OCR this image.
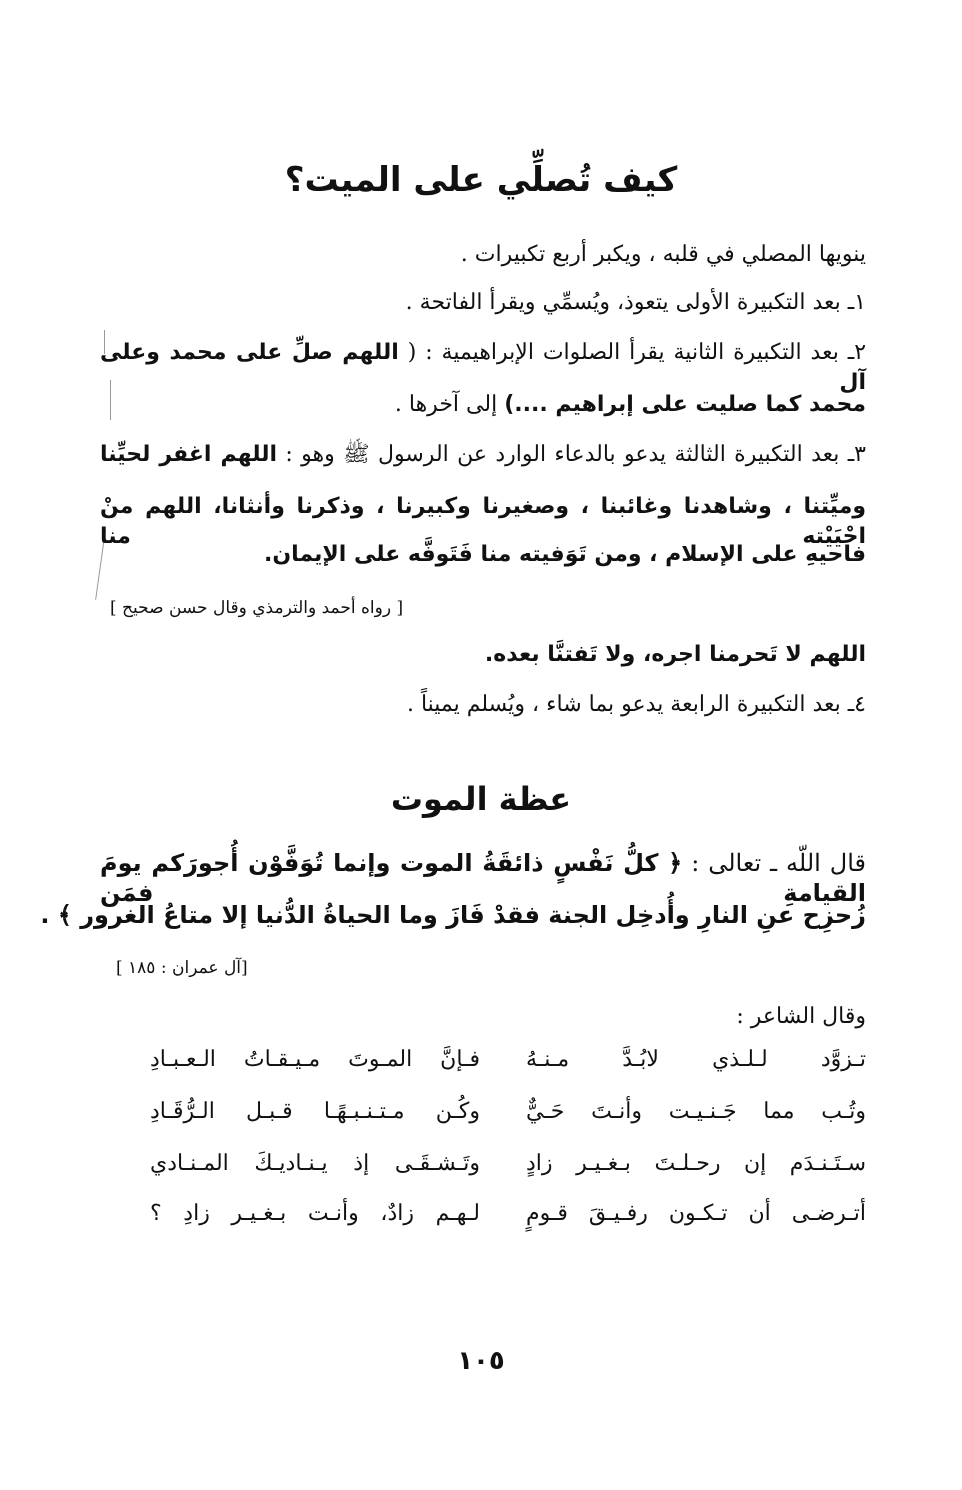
كيف تُصلِّي على الميت؟
ينويها المصلي في قلبه ، ويكبر أربع تكبيرات .
١ـ بعد التكبيرة الأولى يتعوذ، ويُسمِّي ويقرأ الفاتحة .
٢ـ بعد التكبيرة الثانية يقرأ الصلوات الإبراهيمية : ( اللهم صلِّ على محمد وعلى آل
محمد كما صليت على إبراهيم ....) إلى آخرها .
٣ـ بعد التكبيرة الثالثة يدعو بالدعاء الوارد عن الرسول ﷺ وهو : اللهم اغفر لحيِّنا
وميِّتنا ، وشاهدنا وغائبنا ، وصغيرنا وكبيرنا ، وذكرنا وأنثانا، اللهم منْ احْيَيْته منا
فاحيهِ على الإسلام ، ومن تَوَفيته منا فَتَوفَّه على الإيمان.
[ رواه أحمد والترمذي وقال حسن صحيح ]
اللهم لا تَحرمنا اجره، ولا تَفتنَّا بعده.
٤ـ بعد التكبيرة الرابعة يدعو بما شاء ، ويُسلم يميناً .
عظة الموت
قال اللّه ـ تعالى : ﴿ كلُّ نَفْسٍ ذائقَةُ الموت وإنما تُوَفَّوْن أُجورَكم يومَ القيامةِ فمَن
زُحزِح عنِ النارِ وأُدخِل الجنة فقدْ فَازَ وما الحياةُ الدُّنيا إلا متاعُ الغرور ﴾ .
[آل عمران : ١٨٥ ]
وقال الشاعر :
تـزوَّد لـلـذي لابُـدَّ مـنـهُ
فـإنَّ المـوتَ مـيـقـاتُ الـعـبـادِ
وتُـب مما جَـنـيـت وأنـتَ حَـيٌّ
وكُـن مـتـنـبـهًـا قـبـل الـرُّقَـادِ
سـتَـنـدَم إن رحـلـتَ بـغـيـر زادٍ
وتَـشـقَـى إذ يـنـاديـكَ المـنـادي
أتـرضـى أن تـكـون رفـيـقَ قـومٍ
لـهـم زادٌ، وأنـت بـغـيـر زادِ ؟
١٠٥
